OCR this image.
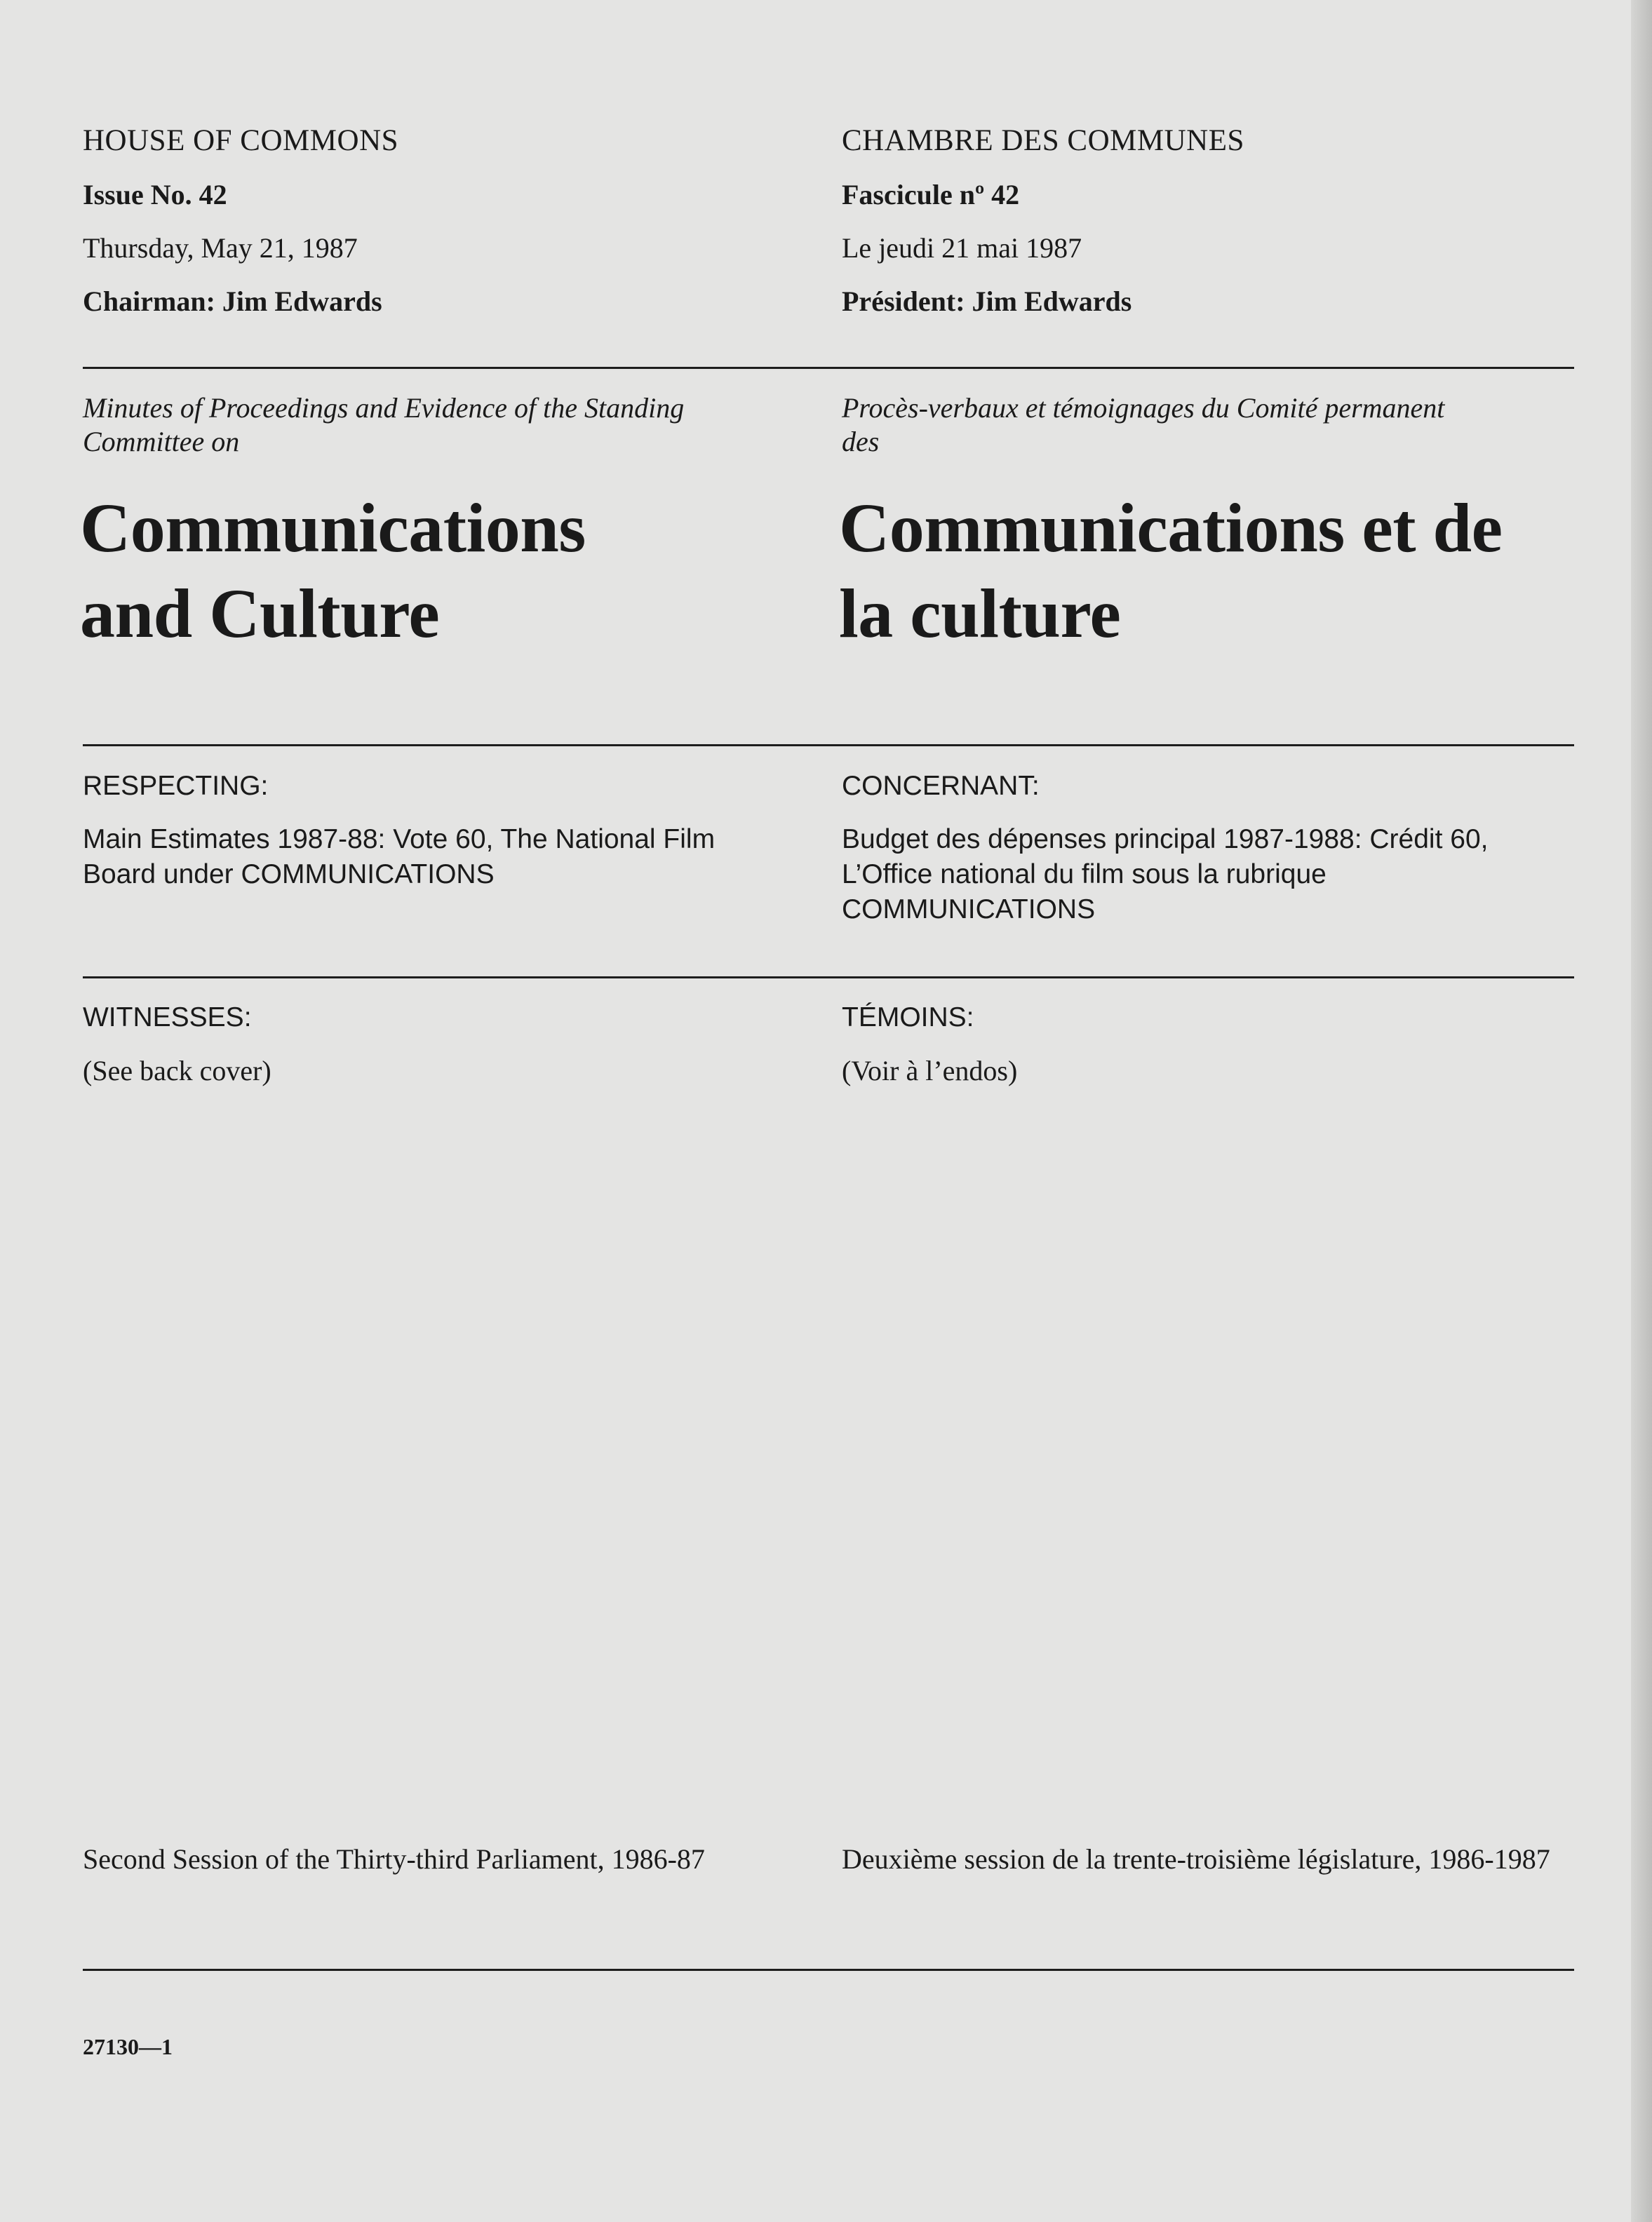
HOUSE OF COMMONS
Issue No. 42
Thursday, May 21, 1987
Chairman: Jim Edwards
Minutes of Proceedings and Evidence of the Standing Committee on
Communications
and Culture
RESPECTING:
Main Estimates 1987-88: Vote 60, The National Film Board under COMMUNICATIONS
WITNESSES:
(See back cover)
Second Session of the Thirty-third Parliament, 1986-87
27130—1
CHAMBRE DES COMMUNES
Fascicule nº 42
Le jeudi 21 mai 1987
Président: Jim Edwards
Procès-verbaux et témoignages du Comité permanent des
Communications et de
la culture
CONCERNANT:
Budget des dépenses principal 1987-1988: Crédit 60, L’Office national du film sous la rubrique COMMUNICATIONS
TÉMOINS:
(Voir à l’endos)
Deuxième session de la trente-troisième législature, 1986-1987
